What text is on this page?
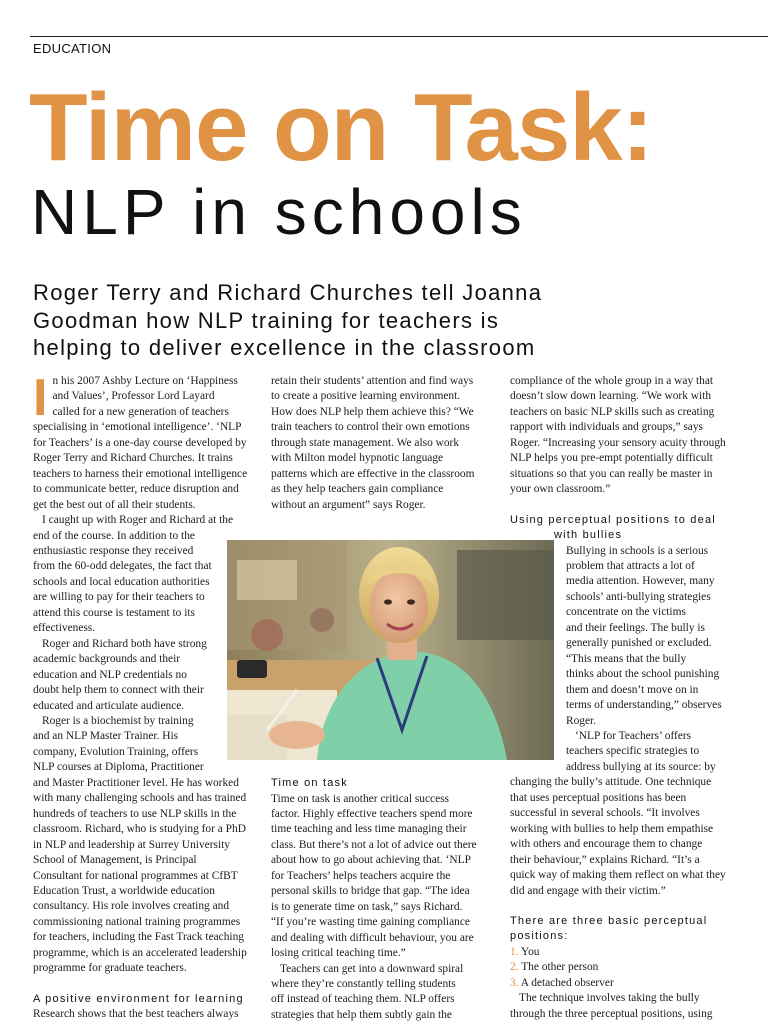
EDUCATION
Time on Task:
NLP in schools
Roger Terry and Richard Churches tell Joanna
Goodman how NLP training for teachers is
helping to deliver excellence in the classroom
I n his 2007 Ashby Lecture on ‘Happiness
and Values’, Professor Lord Layard
called for a new generation of teachers
specialising in ‘emotional intelligence’. ‘NLP
for Teachers’ is a one-day course developed by
Roger Terry and Richard Churches. It trains
teachers to harness their emotional intelligence
to communicate better, reduce disruption and
get the best out of all their students.
I caught up with Roger and Richard at the
end of the course. In addition to the
enthusiastic response they received
from the 60-odd delegates, the fact that
schools and local education authorities
are willing to pay for their teachers to
attend this course is testament to its
effectiveness.
Roger and Richard both have strong
academic backgrounds and their
education and NLP credentials no
doubt help them to connect with their
educated and articulate audience.
Roger is a biochemist by training
and an NLP Master Trainer. His
company, Evolution Training, offers
NLP courses at Diploma, Practitioner
and Master Practitioner level. He has worked
with many challenging schools and has trained
hundreds of teachers to use NLP skills in the
classroom. Richard, who is studying for a PhD
in NLP and leadership at Surrey University
School of Management, is Principal
Consultant for national programmes at CfBT
Education Trust, a worldwide education
consultancy. His role involves creating and
commissioning national training programmes
for teachers, including the Fast Track teaching
programme, which is an accelerated leadership
programme for graduate teachers.
A positive environment for learning
Research shows that the best teachers always
retain their students’ attention and find ways
to create a positive learning environment.
How does NLP help them achieve this? “We
train teachers to control their own emotions
through state management. We also work
with Milton model hypnotic language
patterns which are effective in the classroom
as they help teachers gain compliance
without an argument” says Roger.
Time on task
Time on task is another critical success
factor. Highly effective teachers spend more
time teaching and less time managing their
class. But there’s not a lot of advice out there
about how to go about achieving that. ‘NLP
for Teachers’ helps teachers acquire the
personal skills to bridge that gap. “The idea
is to generate time on task,” says Richard.
“If you’re wasting time gaining compliance
and dealing with difficult behaviour, you are
losing critical teaching time.”
Teachers can get into a downward spiral
where they’re constantly telling students
off instead of teaching them. NLP offers
strategies that help them subtly gain the
compliance of the whole group in a way that
doesn’t slow down learning. “We work with
teachers on basic NLP skills such as creating
rapport with individuals and groups,” says
Roger. “Increasing your sensory acuity through
NLP helps you pre-empt potentially difficult
situations so that you can really be master in
your own classroom.”
Using perceptual positions to deal
with bullies
Bullying in schools is a serious
problem that attracts a lot of
media attention. However, many
schools’ anti-bullying strategies
concentrate on the victims
and their feelings. The bully is
generally punished or excluded.
“This means that the bully
thinks about the school punishing
them and doesn’t move on in
terms of understanding,” observes
Roger.
‘NLP for Teachers’ offers
teachers specific strategies to
address bullying at its source: by
changing the bully’s attitude. One technique
that uses perceptual positions has been
successful in several schools. “It involves
working with bullies to help them empathise
with others and encourage them to change
their behaviour,” explains Richard. “It’s a
quick way of making them reflect on what they
did and engage with their victim.”
There are three basic perceptual
positions:
1. You
2. The other person
3. A detached observer
The technique involves taking the bully
through the three perceptual positions, using
